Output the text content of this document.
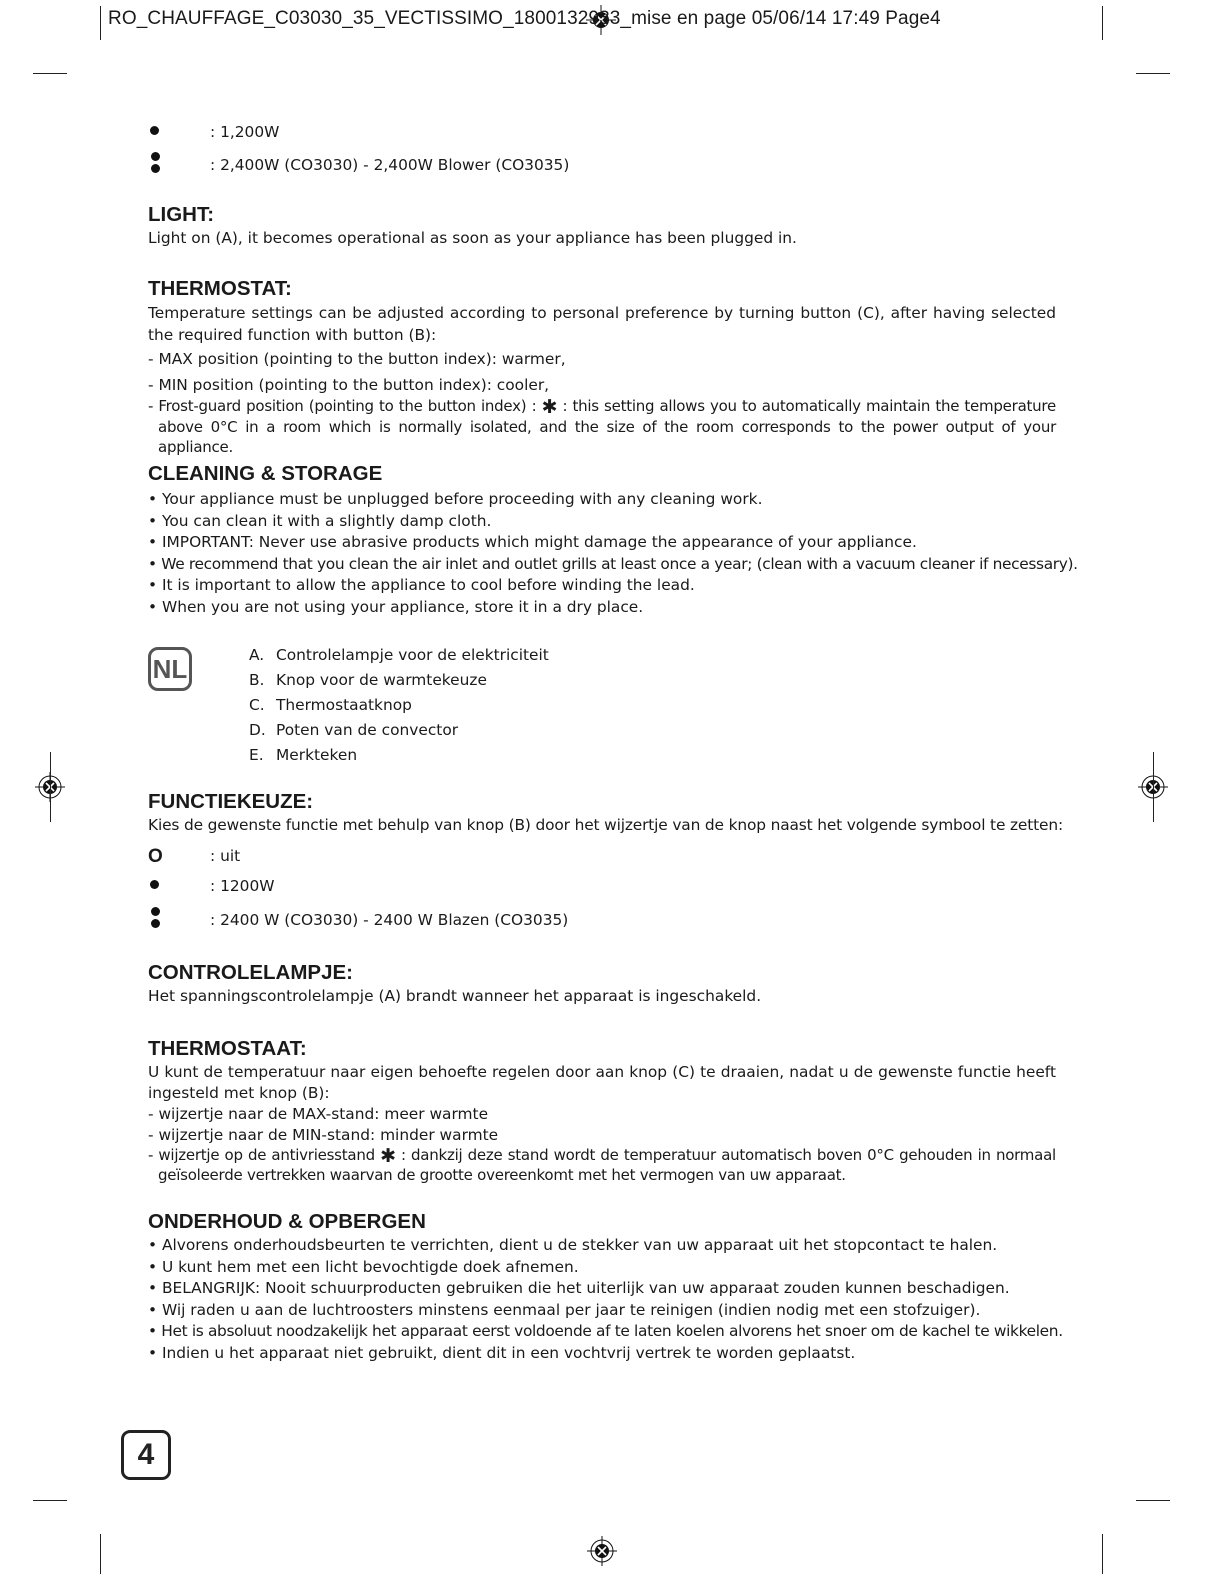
RO_CHAUFFAGE_C03030_35_VECTISSIMO_1800132933_mise en page 05/06/14 17:49 Page4
: 1,200W
: 2,400W (CO3030) - 2,400W Blower (CO3035)
LIGHT:

Light on (A), it becomes operational as soon as your appliance has been plugged in.

THERMOSTAT:

Temperature settings can be adjusted according to personal preference by turning button (C), after having selected the required function with button (B):

- MAX position (pointing to the button index): warmer,

- MIN position (pointing to the button index): cooler,

- Frost-guard position (pointing to the button index) : ✱ : this setting allows you to automatically maintain the temperature above 0°C in a room which is normally isolated, and the size of the room corresponds to the power output of your appliance.

CLEANING & STORAGE
• Your appliance must be unplugged before proceeding with any cleaning work.
• You can clean it with a slightly damp cloth.
• IMPORTANT: Never use abrasive products which might damage the appearance of your appliance.
• We recommend that you clean the air inlet and outlet grills at least once a year; (clean with a vacuum cleaner if necessary).
• It is important to allow the appliance to cool before winding the lead.
• When you are not using your appliance, store it in a dry place.
NL	A. Controlelampje voor de elektriciteit
B. Knop voor de warmtekeuze
C. Thermostaatknop
D. Poten van de convector
E. Merkteken
FUNCTIEKEUZE:

Kies de gewenste functie met behulp van knop (B) door het wijzertje van de knop naast het volgende symbool te zetten:

O	: uit
: 1200W
: 2400 W (CO3030) - 2400 W Blazen (CO3035)
CONTROLELAMPJE:

Het spanningscontrolelampje (A) brandt wanneer het apparaat is ingeschakeld.

THERMOSTAAT:

U kunt de temperatuur naar eigen behoefte regelen door aan knop (C) te draaien, nadat u de gewenste functie heeft ingesteld met knop (B):

- wijzertje naar de MAX-stand: meer warmte

- wijzertje naar de MIN-stand: minder warmte

- wijzertje op de antivriesstand ✱ : dankzij deze stand wordt de temperatuur automatisch boven 0°C gehouden in normaal geïsoleerde vertrekken waarvan de grootte overeenkomt met het vermogen van uw apparaat.

ONDERHOUD & OPBERGEN
• Alvorens onderhoudsbeurten te verrichten, dient u de stekker van uw apparaat uit het stopcontact te halen.
• U kunt hem met een licht bevochtigde doek afnemen.
• BELANGRIJK: Nooit schuurproducten gebruiken die het uiterlijk van uw apparaat zouden kunnen beschadigen.
• Wij raden u aan de luchtroosters minstens eenmaal per jaar te reinigen (indien nodig met een stofzuiger).
• Het is absoluut noodzakelijk het apparaat eerst voldoende af te laten koelen alvorens het snoer om de kachel te wikkelen.
• Indien u het apparaat niet gebruikt, dient dit in een vochtvrij vertrek te worden geplaatst.
4
